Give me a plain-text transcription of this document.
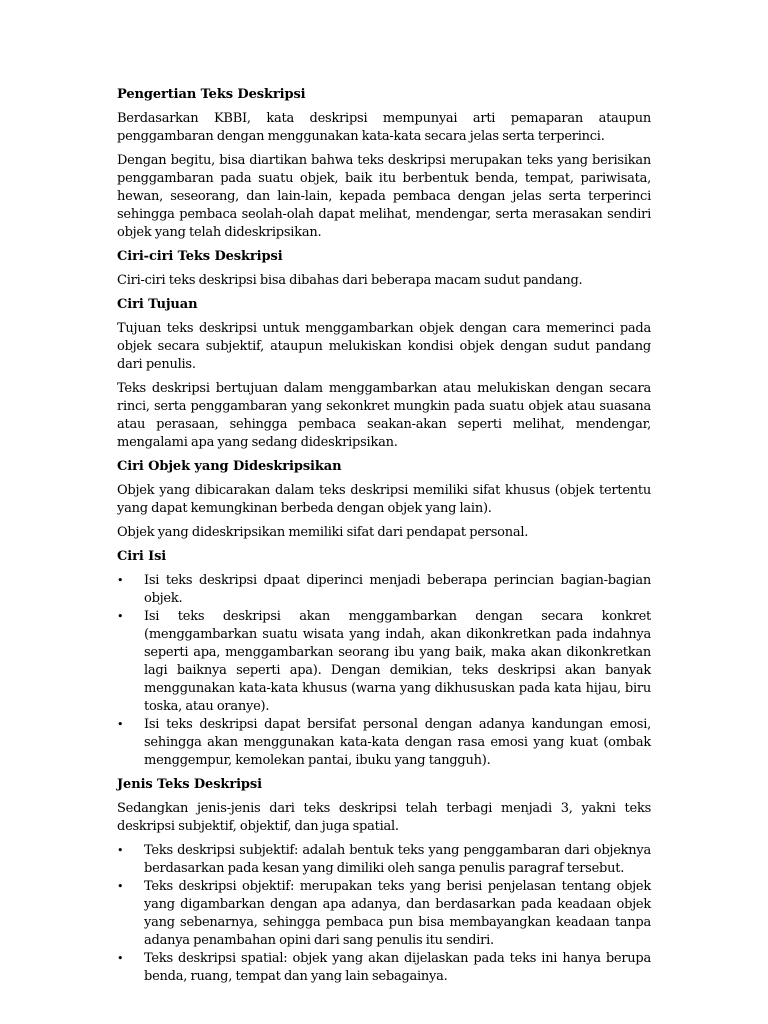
Pengertian Teks Deskripsi

Berdasarkan KBBI, kata deskripsi mempunyai arti pemaparan ataupun penggambaran dengan menggunakan kata-kata secara jelas serta terperinci.

Dengan begitu, bisa diartikan bahwa teks deskripsi merupakan teks yang berisikan penggambaran pada suatu objek, baik itu berbentuk benda, tempat, pariwisata, hewan, seseorang, dan lain-lain, kepada pembaca dengan jelas serta terperinci sehingga pembaca seolah-olah dapat melihat, mendengar, serta merasakan sendiri objek yang telah dideskripsikan.

Ciri-ciri Teks Deskripsi

Ciri-ciri teks deskripsi bisa dibahas dari beberapa macam sudut pandang.

Ciri Tujuan

Tujuan teks deskripsi untuk menggambarkan objek dengan cara memerinci pada objek secara subjektif, ataupun melukiskan kondisi objek dengan sudut pandang dari penulis.

Teks deskripsi bertujuan dalam menggambarkan atau melukiskan dengan secara rinci, serta penggambaran yang sekonkret mungkin pada suatu objek atau suasana atau perasaan, sehingga pembaca seakan-akan seperti melihat, mendengar, mengalami apa yang sedang dideskripsikan.

Ciri Objek yang Dideskripsikan

Objek yang dibicarakan dalam teks deskripsi memiliki sifat khusus (objek tertentu yang dapat kemungkinan berbeda dengan objek yang lain).

Objek yang dideskripsikan memiliki sifat dari pendapat personal.

Ciri Isi
• Isi teks deskripsi dpaat diperinci menjadi beberapa perincian bagian-bagian objek.
• Isi teks deskripsi akan menggambarkan dengan secara konkret (menggambarkan suatu wisata yang indah, akan dikonkretkan pada indahnya seperti apa, menggambarkan seorang ibu yang baik, maka akan dikonkretkan lagi baiknya seperti apa). Dengan demikian, teks deskripsi akan banyak menggunakan kata-kata khusus (warna yang dikhususkan pada kata hijau, biru toska, atau oranye).
• Isi teks deskripsi dapat bersifat personal dengan adanya kandungan emosi, sehingga akan menggunakan kata-kata dengan rasa emosi yang kuat (ombak menggempur, kemolekan pantai, ibuku yang tangguh).
Jenis Teks Deskripsi

Sedangkan jenis-jenis dari teks deskripsi telah terbagi menjadi 3, yakni teks deskripsi subjektif, objektif, dan juga spatial.

• Teks deskripsi subjektif: adalah bentuk teks yang penggambaran dari objeknya berdasarkan pada kesan yang dimiliki oleh sanga penulis paragraf tersebut.
• Teks deskripsi objektif: merupakan teks yang berisi penjelasan tentang objek yang digambarkan dengan apa adanya, dan berdasarkan pada keadaan objek yang sebenarnya, sehingga pembaca pun bisa membayangkan keadaan tanpa adanya penambahan opini dari sang penulis itu sendiri.
• Teks deskripsi spatial: objek yang akan dijelaskan pada teks ini hanya berupa benda, ruang, tempat dan yang lain sebagainya.
